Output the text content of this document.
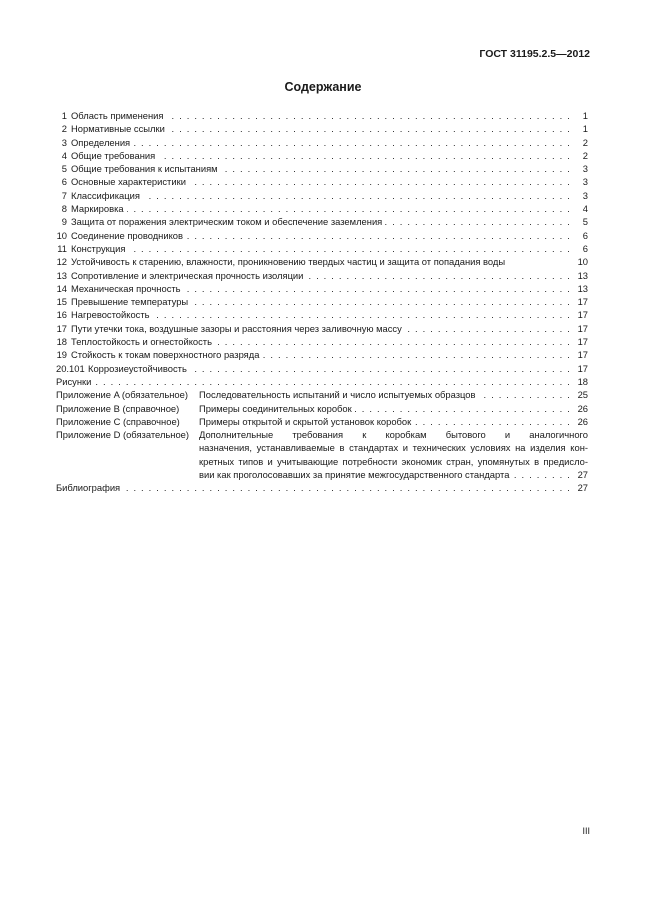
ГОСТ 31195.2.5—2012
Содержание
1 Область применения . . .	1
2 Нормативные ссылки . . .	1
3 Определения . . .	2
4 Общие требования . . .	2
5 Общие требования к испытаниям . . .	3
6 Основные характеристики . . .	3
7 Классификация . . .	3
8 Маркировка . . .	4
9 Защита от поражения электрическим током и обеспечение заземления . . .	5
10 Соединение проводников . . .	6
11 Конструкция . . .	6
12 Устойчивость к старению, влажности, проникновению твердых частиц и защита от попадания воды	10
13 Сопротивление и электрическая прочность изоляции . . .	13
14 Механическая прочность . . .	13
15 Превышение температуры . . .	17
16 Нагревостойкость . . .	17
17 Пути утечки тока, воздушные зазоры и расстояния через заливочную массу . . .	17
18 Теплостойкость и огнестойкость . . .	17
19 Стойкость к токам поверхностного разряда . . .	17
20.101 Коррозиеустойчивость . . .	17
Рисунки . . .	18
Приложение A (обязательное)	Последовательность испытаний и число испытуемых образцов . . .	25
Приложение B (справочное)	Примеры соединительных коробок . . .	26
Приложение C (справочное)	Примеры открытой и скрытой установок коробок . . .	26
Приложение D (обязательное)	Дополнительные требования к коробкам бытового и аналогичного
назначения, устанавливаемые в стандартах и технических условиях на изделия кон-
кретных типов и учитывающие потребности экономик стран, упомянутых в предисло-
вии как проголосовавших за принятие межгосударственного стандарта . . .	27
Библиография . . .	27
III
